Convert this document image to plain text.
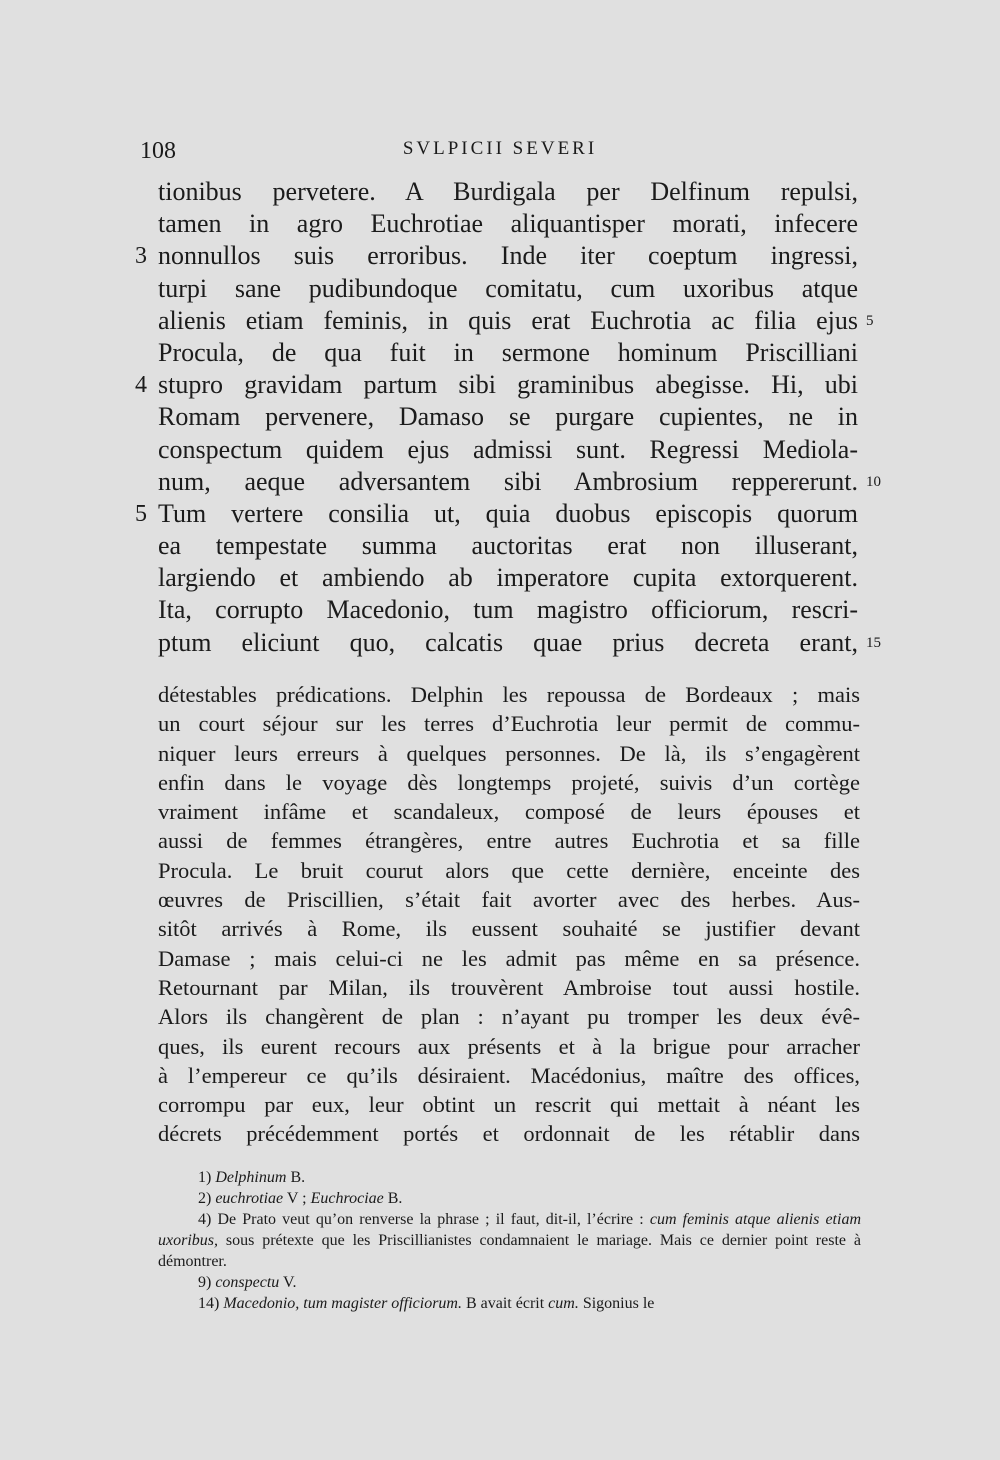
108	SVLPICII SEVERI
tionibus pervetere. A Burdigala per Delfinum repulsi,
tamen in agro Euchrotiae aliquantisper morati, infecere
nonnullos suis erroribus. Inde iter coeptum ingressi,
3
turpi sane pudibundoque comitatu, cum uxoribus atque
alienis etiam feminis, in quis erat Euchrotia ac filia ejus 5
Procula, de qua fuit in sermone hominum Priscilliani
stupro gravidam partum sibi graminibus abegisse. Hi, ubi
4
Romam pervenere, Damaso se purgare cupientes, ne in
conspectum quidem ejus admissi sunt. Regressi Mediola-
num, aeque adversantem sibi Ambrosium reppererunt. 10
Tum vertere consilia ut, quia duobus episcopis quorum
5
ea tempestate summa auctoritas erat non illuserant,
largiendo et ambiendo ab imperatore cupita extorquerent.
Ita, corrupto Macedonio, tum magistro officiorum, rescri-
ptum eliciunt quo, calcatis quae prius decreta erant, 15
détestables prédications. Delphin les repoussa de Bordeaux ; mais
un court séjour sur les terres d’Euchrotia leur permit de commu-
niquer leurs erreurs à quelques personnes. De là, ils s’engagèrent
enfin dans le voyage dès longtemps projeté, suivis d’un cortège
vraiment infâme et scandaleux, composé de leurs épouses et
aussi de femmes étrangères, entre autres Euchrotia et sa fille
Procula. Le bruit courut alors que cette dernière, enceinte des
œuvres de Priscillien, s’était fait avorter avec des herbes. Aus-
sitôt arrivés à Rome, ils eussent souhaité se justifier devant
Damase ; mais celui-ci ne les admit pas même en sa présence.
Retournant par Milan, ils trouvèrent Ambroise tout aussi hostile.
Alors ils changèrent de plan : n’ayant pu tromper les deux évê-
ques, ils eurent recours aux présents et à la brigue pour arracher
à l’empereur ce qu’ils désiraient. Macédonius, maître des offices,
corrompu par eux, leur obtint un rescrit qui mettait à néant les
décrets précédemment portés et ordonnait de les rétablir dans
1) Delphinum B.
2) euchrotiae V ; Euchrociae B.
4) De Prato veut qu’on renverse la phrase ; il faut, dit-il, l’écrire : cum feminis atque alienis etiam uxoribus, sous prétexte que les Priscillianistes condamnaient le mariage. Mais ce dernier point reste à démontrer.
9) conspectu V.
14) Macedonio, tum magister officiorum. B avait écrit cum. Sigonius le
